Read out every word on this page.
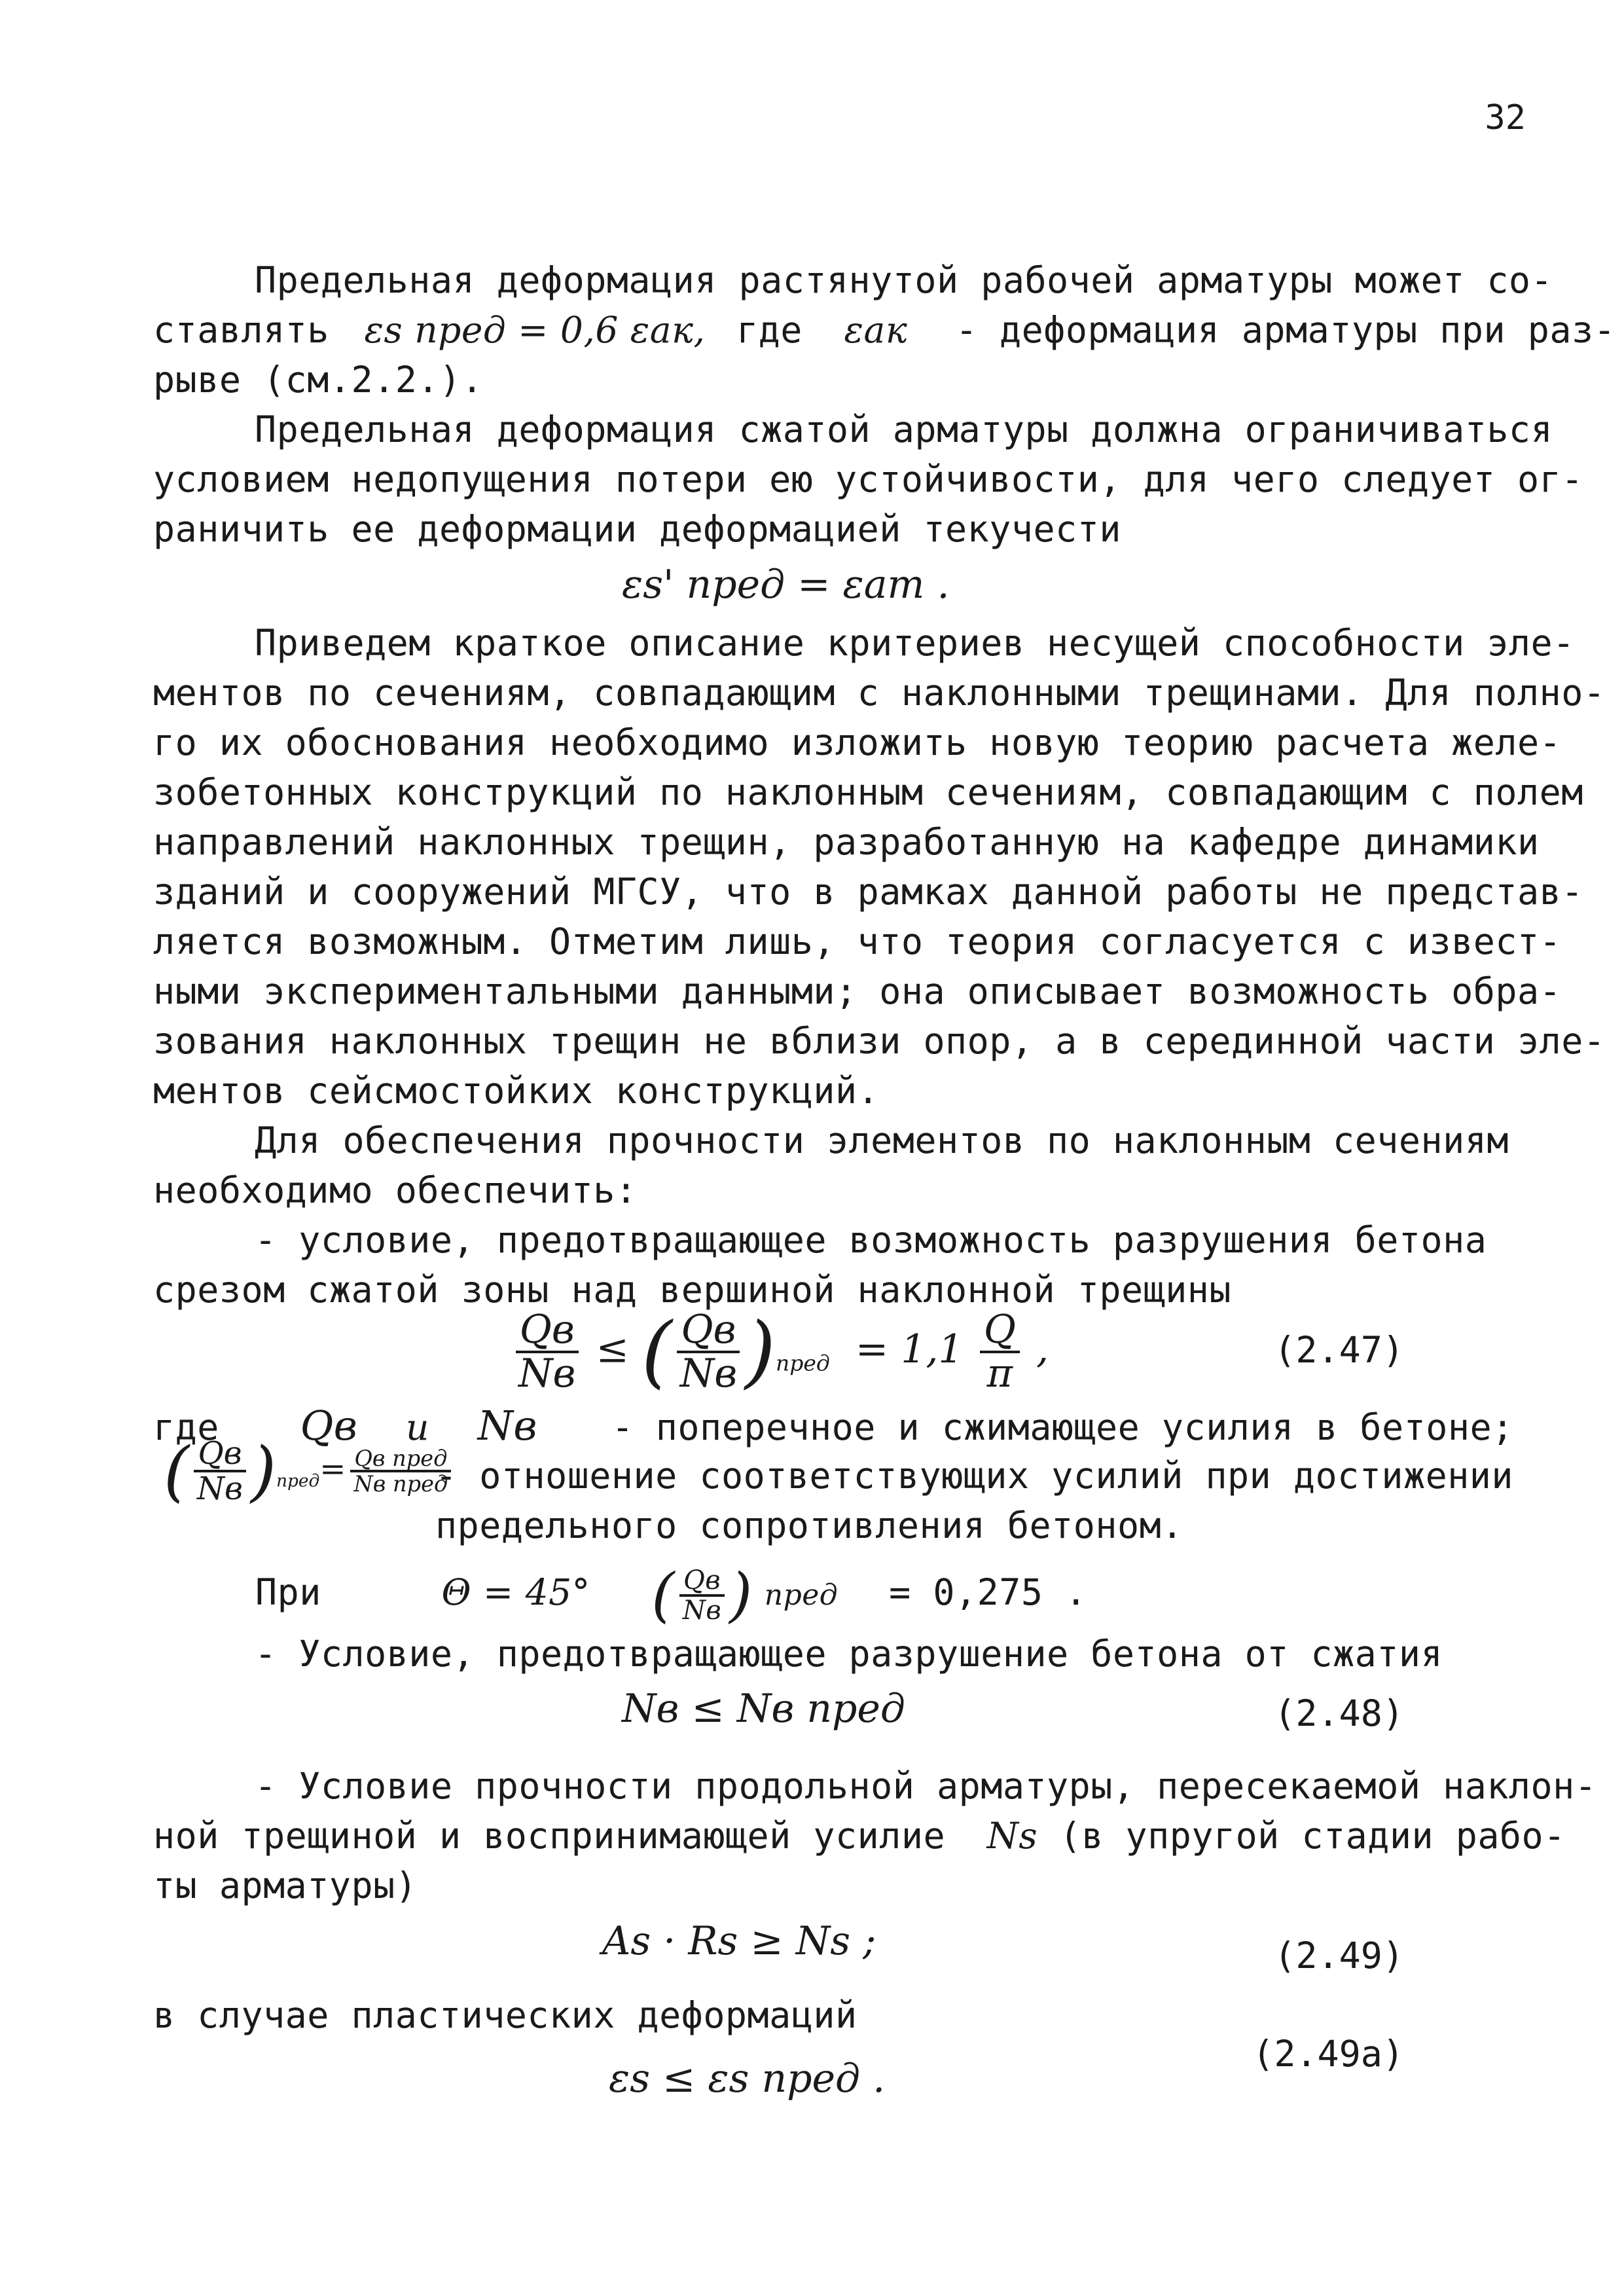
32
Предельная деформация растянутой рабочей арматуры может со-
ставлять εs пред = 0,6 εaк, где εaк - деформация арматуры при раз-
рыве (см.2.2.).
Предельная деформация сжатой арматуры должна ограничиваться
условием недопущения потери ею устойчивости, для чего следует ог-
раничить ее деформации деформацией текучести
εs' пред = εат .
Приведем краткое описание критериев несущей способности эле-
ментов по сечениям, совпадающим с наклонными трещинами. Для полно-
го их обоснования необходимо изложить новую теорию расчета желе-
зобетонных конструкций по наклонным сечениям, совпадающим с полем
направлений наклонных трещин, разработанную на кафедре динамики
зданий и сооружений МГСУ, что в рамках данной работы не представ-
ляется возможным. Отметим лишь, что теория согласуется с извест-
ными экспериментальными данными; она описывает возможность обра-
зования наклонных трещин не вблизи опор, а в серединной части эле-
ментов сейсмостойких конструкций.
Для обеспечения прочности элементов по наклонным сечениям
необходимо обеспечить:
- условие, предотвращающее возможность разрушения бетона
срезом сжатой зоны над вершиной наклонной трещины
$\frac{Qв}{Nв}$ ≤ ( $\frac{Qв}{Nв} )_{пред} = 1,1 \frac{Q}{\pi}$ ,	(2.47)
где Qв и Nв - поперечное и сжимающее усилия в бетоне;
( $\frac{Qв}{Nв} )_{пред}= \frac{\text{Qв пред}}{\text{Nв пред}}$
- отношение соответствующих усилий при достижении
предельного сопротивления бетоном.
При	Θ = 45° ( $\frac{Qв}{Nв}$ ) пред = 0,275 .
- Условие, предотвращающее разрушение бетона от сжатия
Nв ≤ Nв пред	(2.48)
- Условие прочности продольной арматуры, пересекаемой наклон-
ной трещиной и воспринимающей усилие Ns (в упругой стадии рабо-
ты арматуры)
As · Rs ≥ Ns ;	(2.49)
в случае пластических деформаций
εs ≤ εs пред .
(2.49a)
